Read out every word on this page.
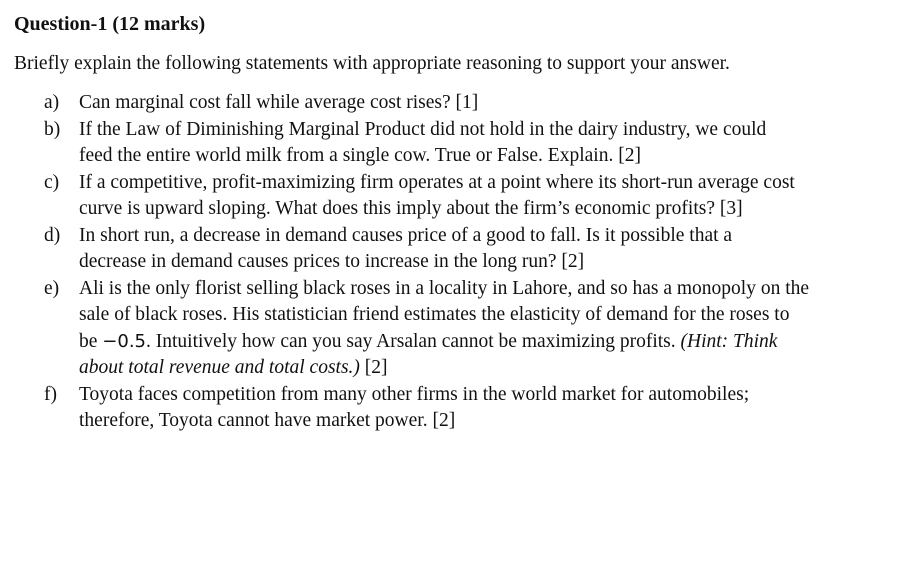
Question-1 (12 marks)
Briefly explain the following statements with appropriate reasoning to support your answer.
a) Can marginal cost fall while average cost rises? [1]
b) If the Law of Diminishing Marginal Product did not hold in the dairy industry, we could
feed the entire world milk from a single cow. True or False. Explain. [2]
c) If a competitive, profit-maximizing firm operates at a point where its short-run average cost
curve is upward sloping. What does this imply about the firm’s economic profits? [3]
d) In short run, a decrease in demand causes price of a good to fall. Is it possible that a
decrease in demand causes prices to increase in the long run? [2]
e) Ali is the only florist selling black roses in a locality in Lahore, and so has a monopoly on the
sale of black roses. His statistician friend estimates the elasticity of demand for the roses to
be −0.5. Intuitively how can you say Arsalan cannot be maximizing profits. (Hint: Think
about total revenue and total costs.) [2]
f) Toyota faces competition from many other firms in the world market for automobiles;
therefore, Toyota cannot have market power. [2]
